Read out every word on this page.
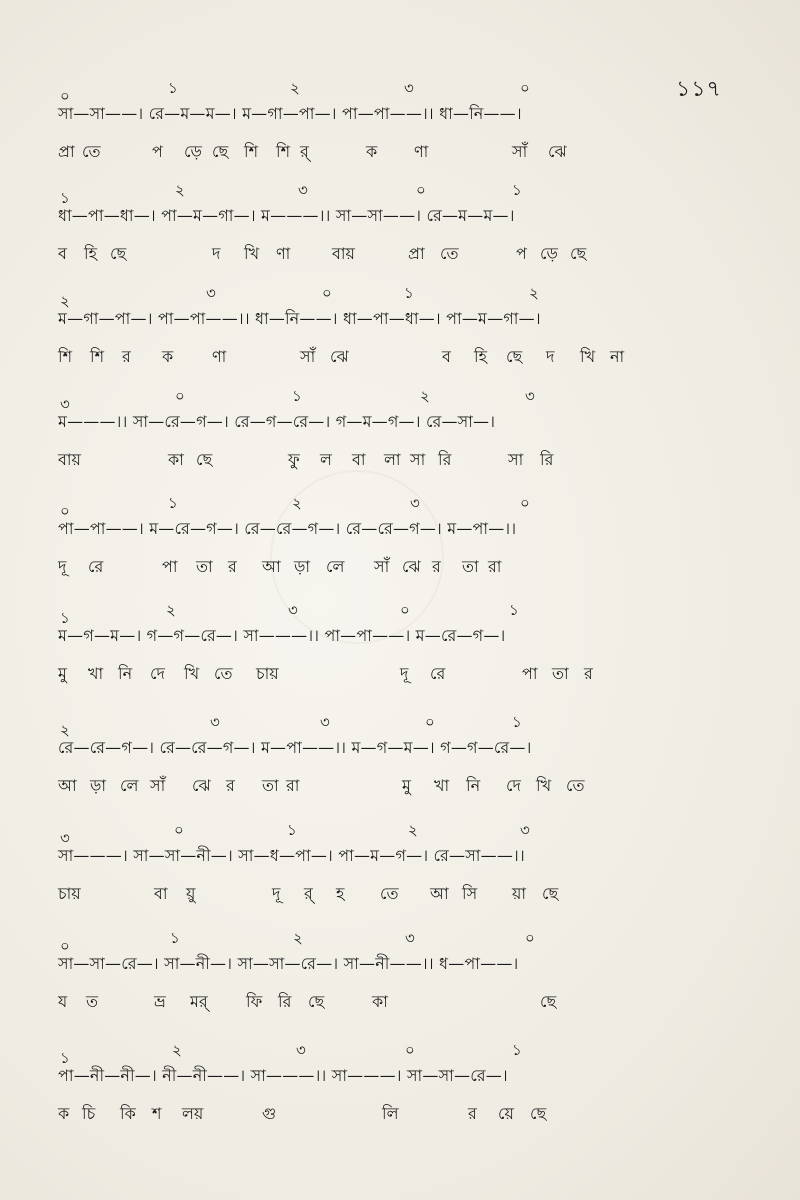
১১৭
০	১	২	৩	০
সা—সা——। রে—ম—ম—। ম—গা—পা—। পা—পা——।। ধা—নি——।
প্রা তে	প ড়ে ছে শি শি র্	ক ণা	সাঁ ঝে
১	২	৩	০	১
ধা—পা—ধা—। পা—ম—গা—। ম———।। সা—সা——। রে—ম—ম—।
ব হি ছে	দ খি ণা	বায়	প্রা তে	প ড়ে ছে
২	৩	০	১	২
ম—গা—পা—। পা—পা——।। ধা—নি——। ধা—পা—ধা—। পা—ম—গা—।
শি শি র ক ণা	সাঁ ঝে	ব হি ছে দ খি না
৩	০	১	২	৩
ম———।। সা—রে—গ—। রে—গ—রে—। গ—ম—গ—। রে—সা—।
বায়	কা ছে	ফু ল বা লা সা রি	সা রি
০	১	২	৩	০
পা—পা——। ম—রে—গ—। রে—রে—গ—। রে—রে—গ—। ম—পা—।।
দূ রে	পা তা র আ ড়া লে সাঁ ঝে র তা রা
১	২	৩	০	১
ম—গ—ম—। গ—গ—রে—। সা———।। পা—পা——। ম—রে—গ—।
মু খা নি দে খি তে চায়	দূ রে	পা তা র
২	৩	৩	০	১
রে—রে—গ—। রে—রে—গ—। ম—পা——।। ম—গ—ম—। গ—গ—রে—।
আ ড়া লে সাঁ ঝে র তা রা	মু খা নি দে খি তে
৩	০	১	২	৩
সা———। সা—সা—নী—। সা—ধ—পা—। পা—ম—গ—। রে—সা——।।
চায়	বা য়ু	দূ র্ হ তে আ সি য়া ছে
০	১	২	৩	০
সা—সা—রে—। সা—নী—। সা—সা—রে—। সা—নী——।। ধ—পা——।
য ত	ভ্র মর্ ফি রি ছে	কা	ছে
১	২	৩	০	১
পা—নী—নী—। নী—নী——। সা———।। সা———। সা—সা—রে—।
ক চি কি শ লয়	গু	লি	র য়ে ছে
